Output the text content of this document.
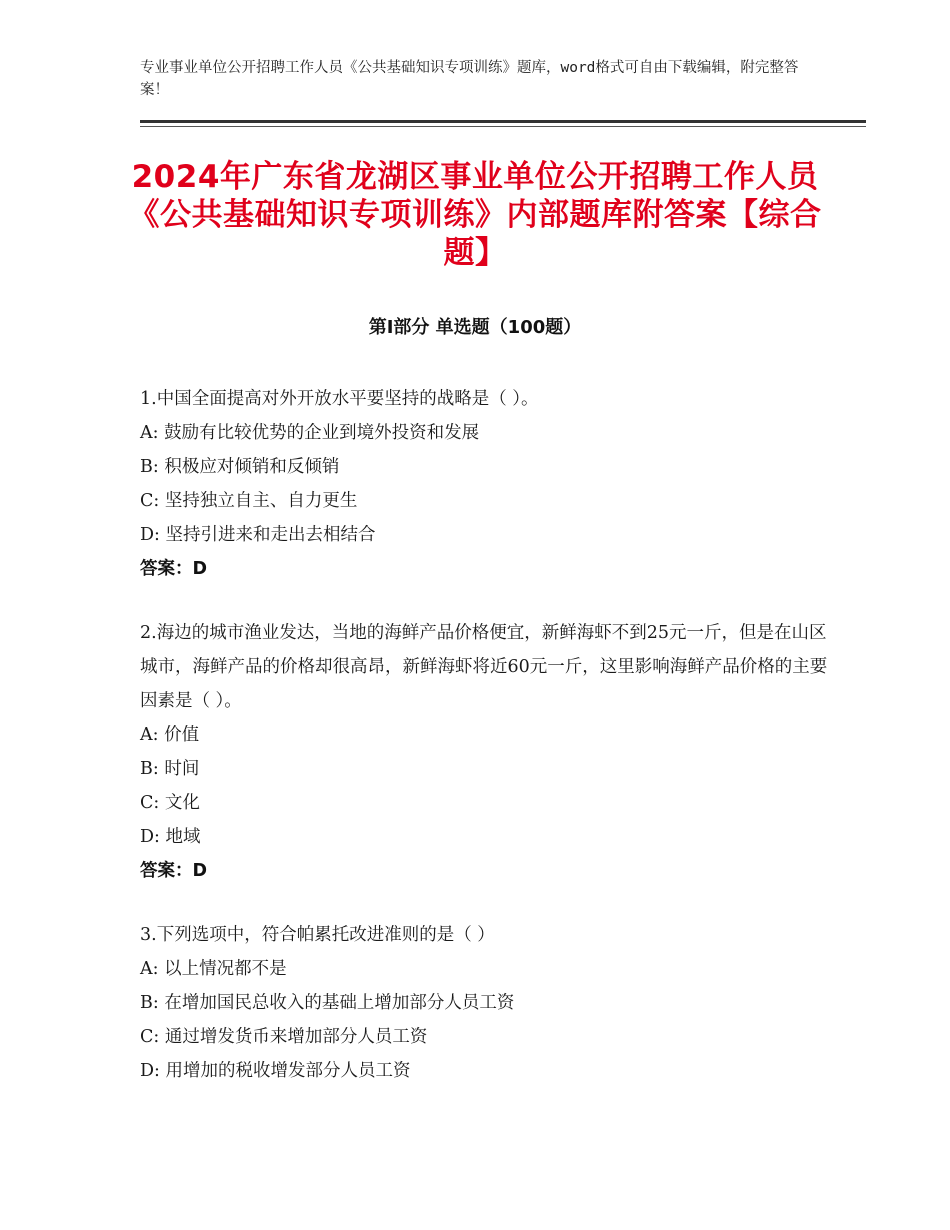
专业事业单位公开招聘工作人员《公共基础知识专项训练》题库，word格式可自由下载编辑，附完整答案！
2024年广东省龙湖区事业单位公开招聘工作人员《公共基础知识专项训练》内部题库附答案【综合题】
第Ⅰ部分 单选题（100题）
1.中国全面提高对外开放水平要坚持的战略是（ ）。
A: 鼓励有比较优势的企业到境外投资和发展
B: 积极应对倾销和反倾销
C: 坚持独立自主、自力更生
D: 坚持引进来和走出去相结合
答案：D
2.海边的城市渔业发达，当地的海鲜产品价格便宜，新鲜海虾不到25元一斤，但是在山区城市，海鲜产品的价格却很高昂，新鲜海虾将近60元一斤，这里影响海鲜产品价格的主要因素是（ ）。
A: 价值
B: 时间
C: 文化
D: 地域
答案：D
3.下列选项中，符合帕累托改进准则的是（ ）
A: 以上情况都不是
B: 在增加国民总收入的基础上增加部分人员工资
C: 通过增发货币来增加部分人员工资
D: 用增加的税收增发部分人员工资
